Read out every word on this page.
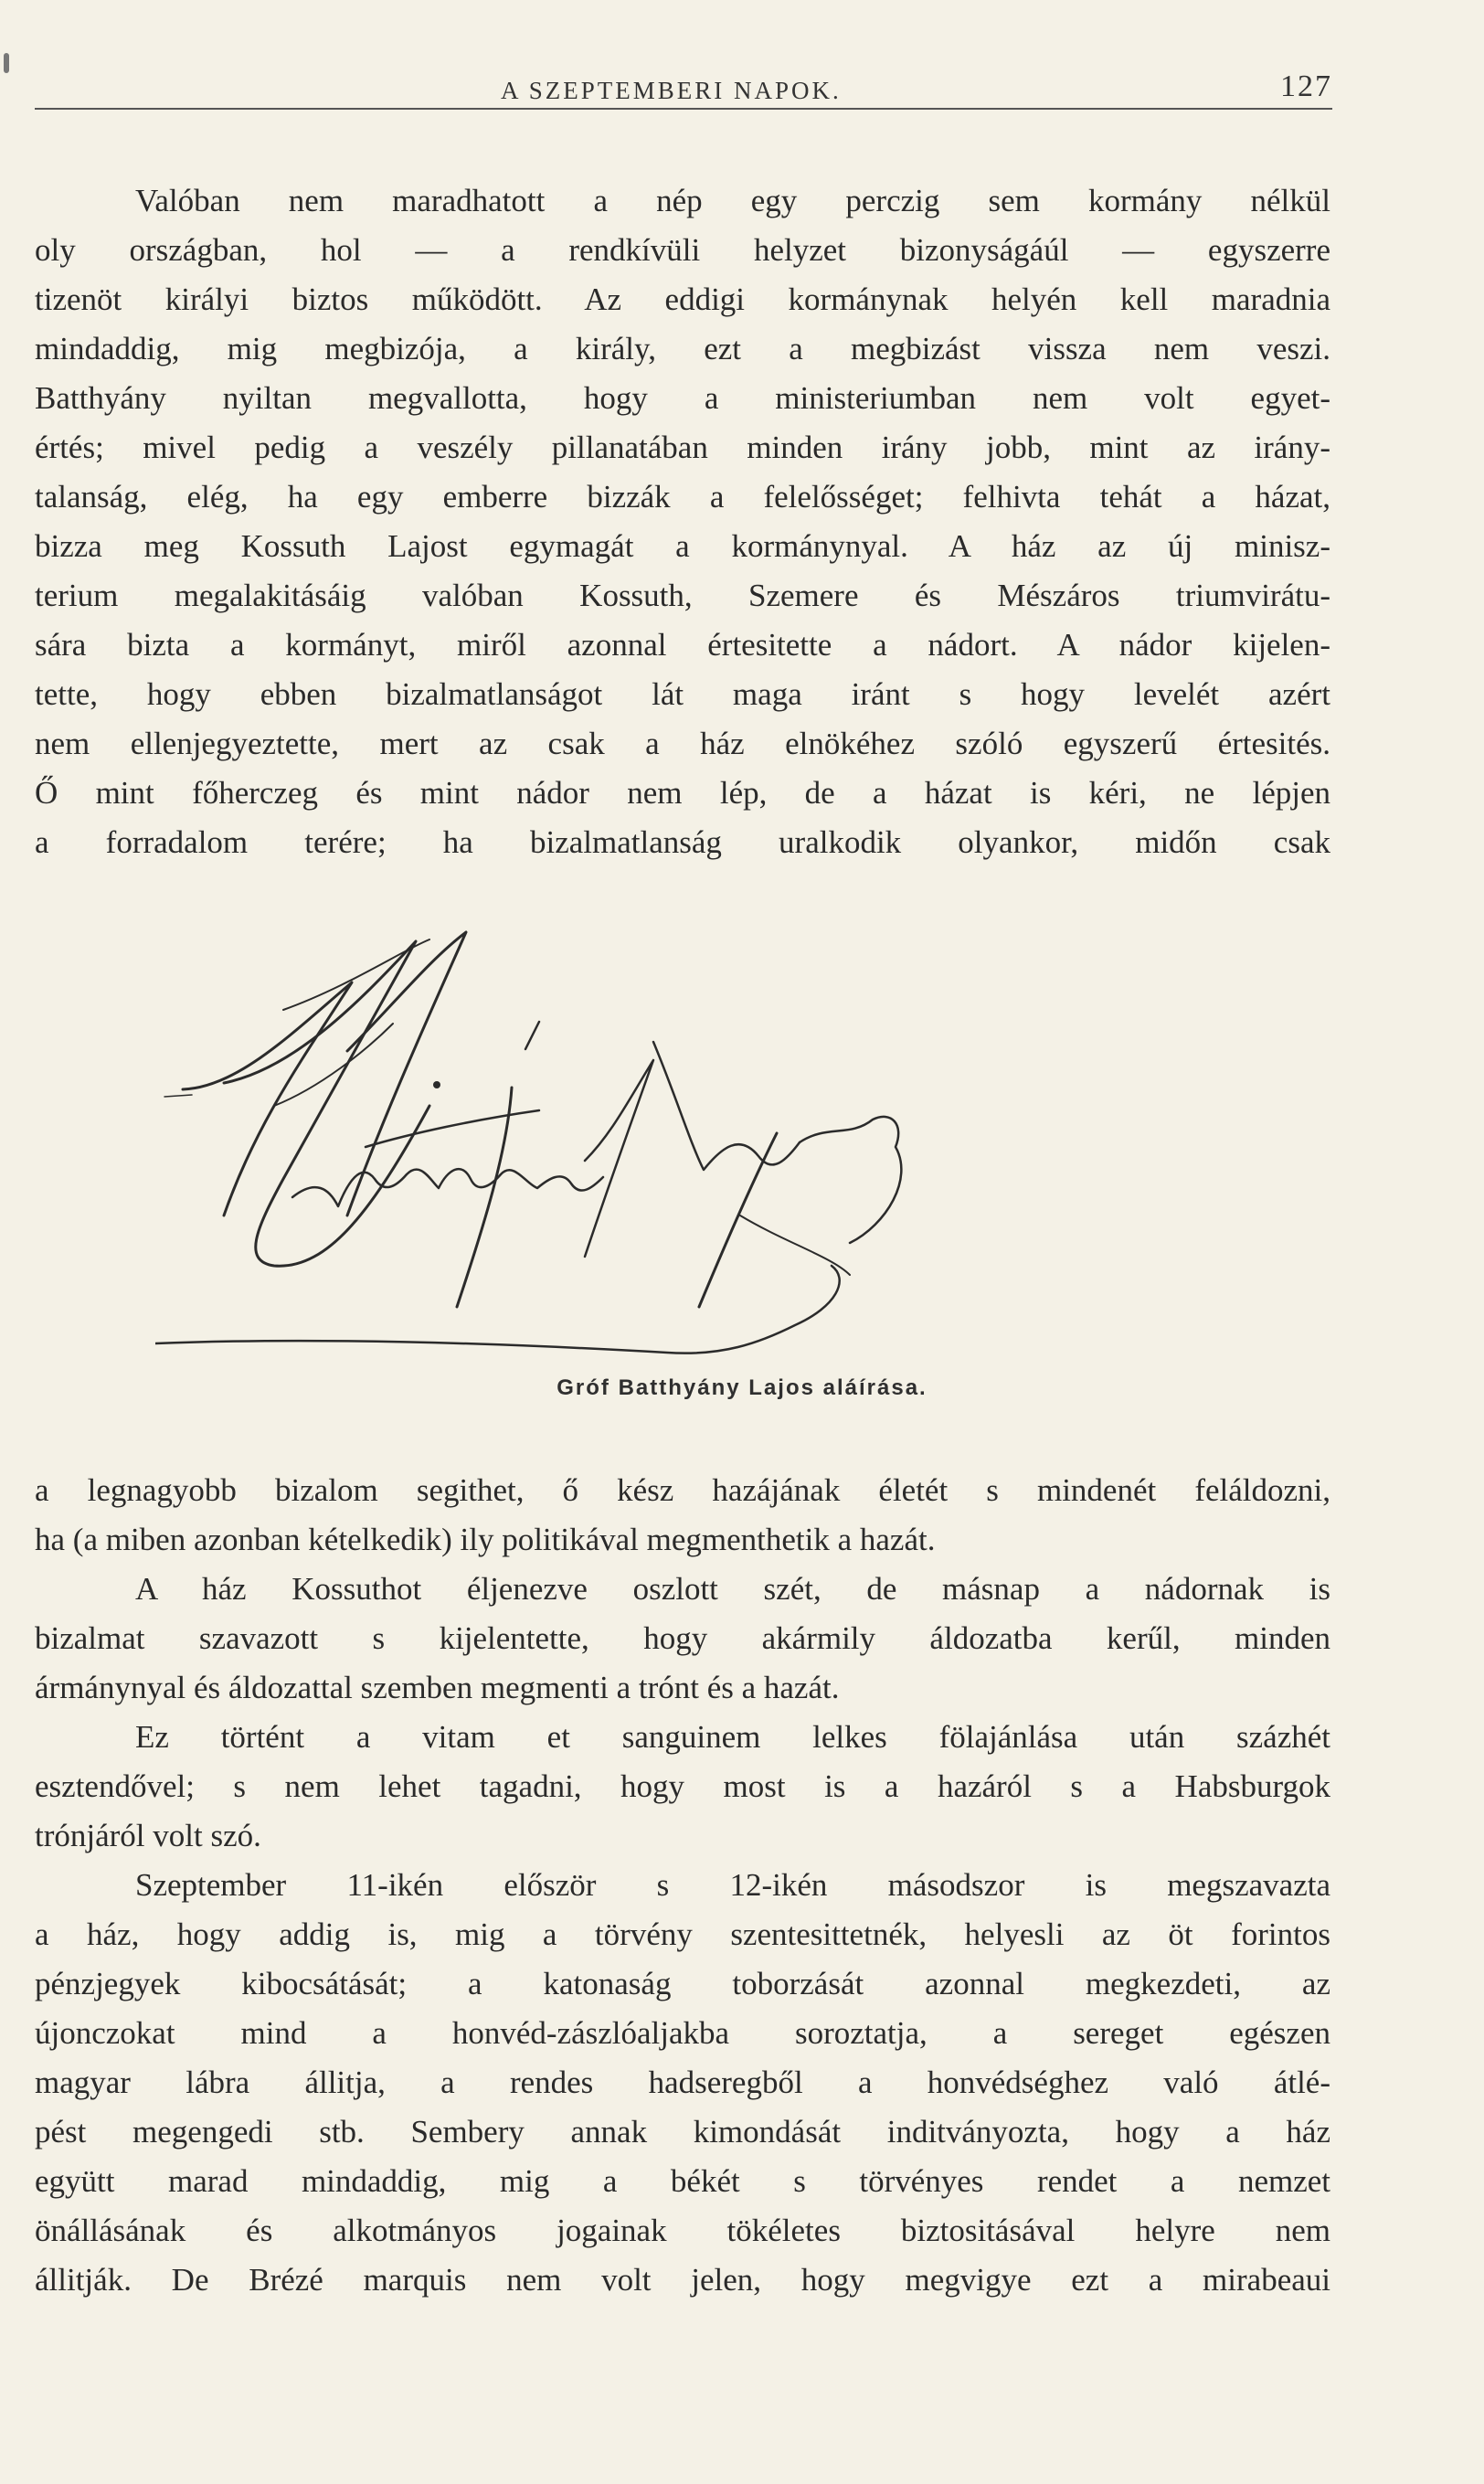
A SZEPTEMBERI NAPOK.	127

Valóban nem maradhatott a nép egy perczig sem kormány nélkül
oly országban, hol — a rendkívüli helyzet bizonyságáúl — egyszerre
tizenöt királyi biztos működött. Az eddigi kormánynak helyén kell maradnia
mindaddig, mig megbizója, a király, ezt a megbizást vissza nem veszi.
Batthyány nyiltan megvallotta, hogy a ministeriumban nem volt egyet-
értés; mivel pedig a veszély pillanatában minden irány jobb, mint az irány-
talanság, elég, ha egy emberre bizzák a felelősséget; felhivta tehát a házat,
bizza meg Kossuth Lajost egymagát a kormánynyal. A ház az új minisz-
terium megalakitásáig valóban Kossuth, Szemere és Mészáros triumvirátu-
sára bizta a kormányt, miről azonnal értesitette a nádort. A nádor kijelen-
tette, hogy ebben bizalmatlanságot lát maga iránt s hogy levelét azért
nem ellenjegyeztette, mert az csak a ház elnökéhez szóló egyszerű értesités.
Ő mint főherczeg és mint nádor nem lép, de a házat is kéri, ne lépjen
a forradalom terére; ha bizalmatlanság uralkodik olyankor, midőn csak

Gróf Batthyány Lajos aláírása.

a legnagyobb bizalom segithet, ő kész hazájának életét s mindenét feláldozni,
ha (a miben azonban kételkedik) ily politikával megmenthetik a hazát.

A ház Kossuthot éljenezve oszlott szét, de másnap a nádornak is
bizalmat szavazott s kijelentette, hogy akármily áldozatba kerűl, minden
ármánynyal és áldozattal szemben megmenti a trónt és a hazát.

Ez történt a vitam et sanguinem lelkes fölajánlása után százhét
esztendővel; s nem lehet tagadni, hogy most is a hazáról s a Habsburgok
trónjáról volt szó.

Szeptember 11-ikén először s 12-ikén másodszor is megszavazta
a ház, hogy addig is, mig a törvény szentesittetnék, helyesli az öt forintos
pénzjegyek kibocsátását; a katonaság toborzását azonnal megkezdeti, az
újonczokat mind a honvéd-zászlóaljakba soroztatja, a sereget egészen
magyar lábra állitja, a rendes hadseregből a honvédséghez való átlé-
pést megengedi stb. Sembery annak kimondását inditványozta, hogy a ház
együtt marad mindaddig, mig a békét s törvényes rendet a nemzet
önállásának és alkotmányos jogainak tökéletes biztositásával helyre nem
állitják. De Brézé marquis nem volt jelen, hogy megvigye ezt a mirabeaui
